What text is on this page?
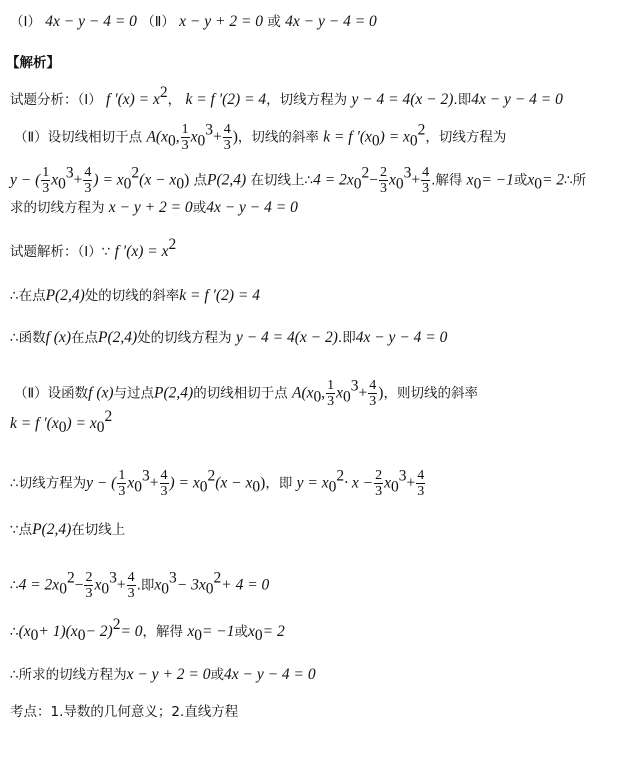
（Ⅰ） 4x − y − 4 = 0 （Ⅱ） x − y + 2 = 0 或 4x − y − 4 = 0
【解析】
试题分析：（Ⅰ） f $'(x) = x^2$， k = f ′(2) = 4，切线方程为 y − 4 = 4(x − 2).即4x − y − 4 = 0
（Ⅱ）设切线相切于点 $A(x_0$, $\frac{1}{3} x_0^3+ \frac{4}{3}$ )，切线的斜率 k = f $'(x_0) = x_0^2$，切线方程为
y − ( $\frac{1}{3} x_0^3+ \frac{4}{3}$ ) = $x_0^2(x - x_0)$ 点P(2,4) 在切线上∴4 = $2x_0^2- \frac{2}{3} x_0^3+ \frac{4}{3}$ .解得 $x_0= -1$或$x_0=$ 2∴所
求的切线方程为 x − y + 2 = 0或4x − y − 4 = 0
试题解析：（Ⅰ）∵ f $'(x) = x^2$
∴在点P(2,4)处的切线的斜率k = f ′(2) = 4
∴函数f (x)在点P(2,4)处的切线方程为 y − 4 = 4(x − 2).即4x − y − 4 = 0
（Ⅱ）设函数f (x)与过点P(2,4)的切线相切于点 $A(x_0$, $\frac{1}{3} x_0^3+ \frac{4}{3}$ )，则切线的斜率
k = f $'(x_0) = x_0^2$
∴切线方程为y − ( $\frac{1}{3} x_0^3+ \frac{4}{3}$ ) = $x_0^2(x - x_0)$，即 $y = x_0^2\cdot x - \frac{2}{3} x_0^3+ \frac{4}{3}$
∵点P(2,4)在切线上
∴4 = $2x_0^2- \frac{2}{3} x_0^3+ \frac{4}{3}$ .即$x_0^3- 3x_0^2+ 4 = 0$
$\therefore(x_0+ 1)(x_0- 2)^2= 0$，解得 $x_0= -1$或$x_0= 2$
∴所求的切线方程为x − y + 2 = 0或4x − y − 4 = 0
考点：1.导数的几何意义；2.直线方程
